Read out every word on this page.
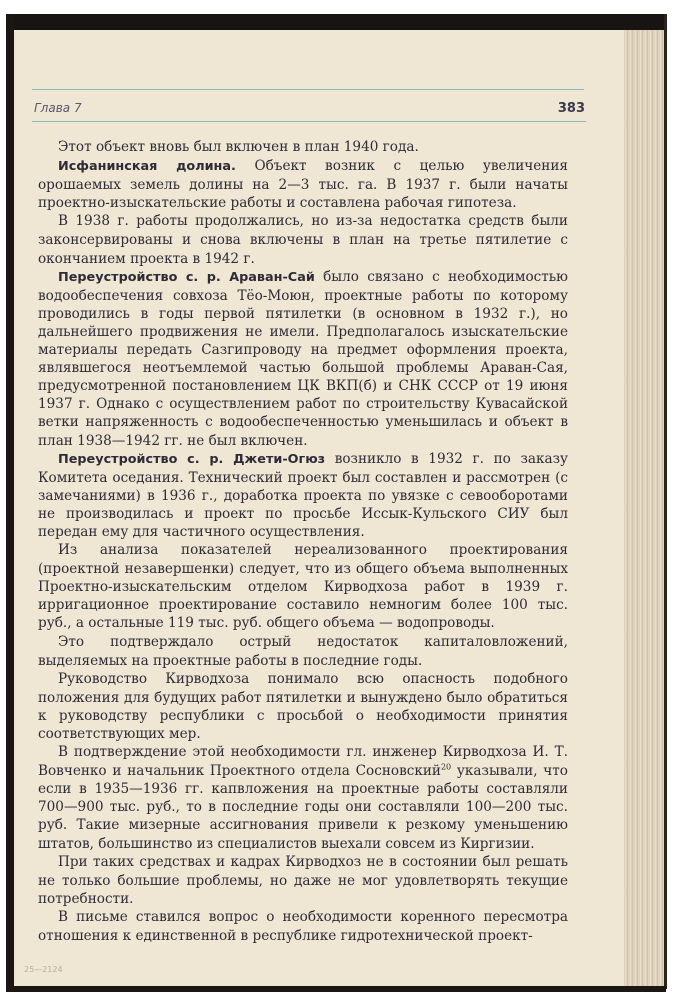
Глава 7	383

Этот объект вновь был включен в план 1940 года.

Исфанинская долина. Объект возник с целью увеличения орошаемых земель долины на 2—3 тыс. га. В 1937 г. были начаты проектно-изыскательские работы и составлена рабочая гипотеза.

В 1938 г. работы продолжались, но из-за недостатка средств были законсервированы и снова включены в план на третье пятилетие с окончанием проекта в 1942 г.

Переустройство с. р. Араван-Сай было связано с необходимостью водообеспечения совхоза Тёо-Моюн, проектные работы по которому проводились в годы первой пятилетки (в основном в 1932 г.), но дальнейшего продвижения не имели. Предполагалось изыскательские материалы передать Сазгипроводу на предмет оформления проекта, являвшегося неотъемлемой частью большой проблемы Араван-Сая, предусмотренной постановлением ЦК ВКП(б) и СНК СССР от 19 июня 1937 г. Однако с осуществлением работ по строительству Кувасайской ветки напряженность с водообеспеченностью уменьшилась и объект в план 1938—1942 гг. не был включен.

Переустройство с. р. Джети-Огюз возникло в 1932 г. по заказу Комитета оседания. Технический проект был составлен и рассмотрен (с замечаниями) в 1936 г., доработка проекта по увязке с севооборотами не производилась и проект по просьбе Иссык-Кульского СИУ был передан ему для частичного осуществления.

Из анализа показателей нереализованного проектирования (проектной незавершенки) следует, что из общего объема выполненных Проектно-изыскательским отделом Кирводхоза работ в 1939 г. ирригационное проектирование составило немногим более 100 тыс. руб., а остальные 119 тыс. руб. общего объема — водопроводы.

Это подтверждало острый недостаток капиталовложений, выделяемых на проектные работы в последние годы.

Руководство Кирводхоза понимало всю опасность подобного положения для будущих работ пятилетки и вынуждено было обратиться к руководству республики с просьбой о необходимости принятия соответствующих мер.

В подтверждение этой необходимости гл. инженер Кирводхоза И. Т. Вовченко и начальник Проектного отдела Сосновский$^{20}$ указывали, что если в 1935—1936 гг. капвложения на проектные работы составляли 700—900 тыс. руб., то в последние годы они составляли 100—200 тыс. руб. Такие мизерные ассигнования привели к резкому уменьшению штатов, большинство из специалистов выехали совсем из Киргизии.

При таких средствах и кадрах Кирводхоз не в состоянии был решать не только большие проблемы, но даже не мог удовлетворять текущие потребности.

В письме ставился вопрос о необходимости коренного пересмотра отношения к единственной в республике гидротехнической проект-

25—2124
